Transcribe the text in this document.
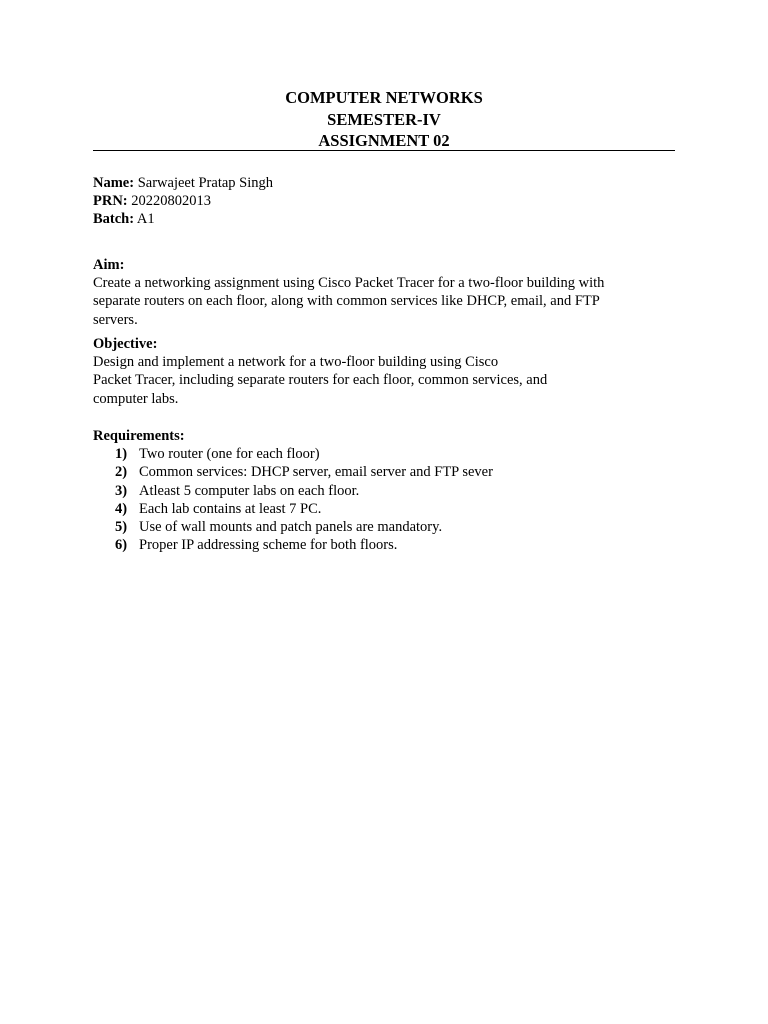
COMPUTER NETWORKS
SEMESTER-IV
ASSIGNMENT 02
Name: Sarwajeet Pratap Singh
PRN: 20220802013
Batch: A1
Aim:
Create a networking assignment using Cisco Packet Tracer for a two-floor building with
separate routers on each floor, along with common services like DHCP, email, and FTP
servers.
Objective:
Design and implement a network for a two-floor building using Cisco
Packet Tracer, including separate routers for each floor, common services, and
computer labs.
Requirements:
1) Two router (one for each floor)
2) Common services: DHCP server, email server and FTP sever
3) Atleast 5 computer labs on each floor.
4) Each lab contains at least 7 PC.
5) Use of wall mounts and patch panels are mandatory.
6) Proper IP addressing scheme for both floors.
